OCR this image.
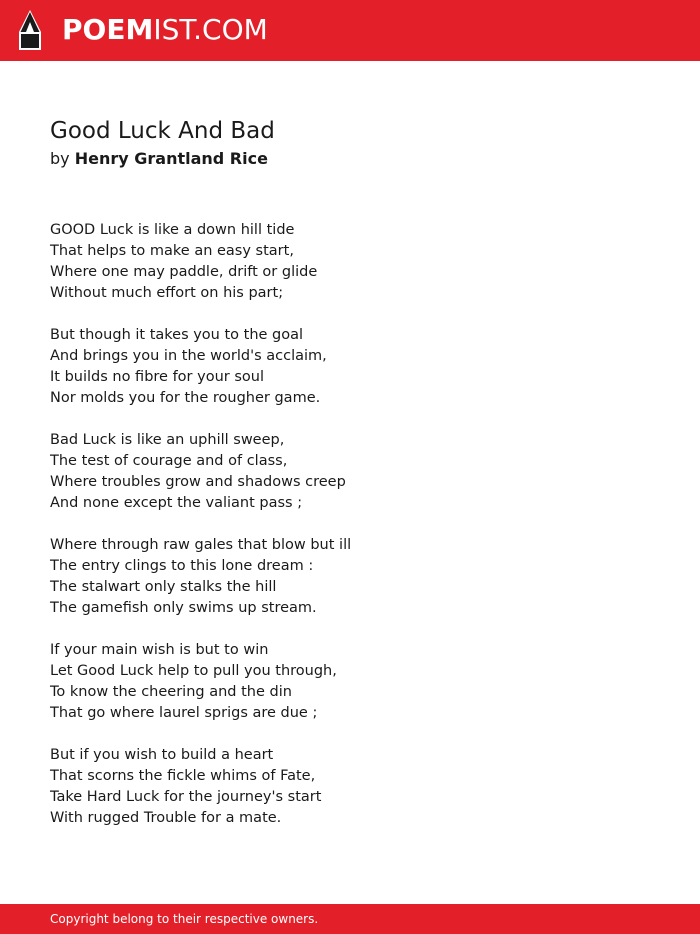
POEMIST.COM
Good Luck And Bad
by Henry Grantland Rice
GOOD Luck is like a down hill tide
That helps to make an easy start,
Where one may paddle, drift or glide
Without much effort on his part;
But though it takes you to the goal
And brings you in the world's acclaim,
It builds no fibre for your soul
Nor molds you for the rougher game.
Bad Luck is like an uphill sweep,
The test of courage and of class,
Where troubles grow and shadows creep
And none except the valiant pass ;
Where through raw gales that blow but ill
The entry clings to this lone dream :
The stalwart only stalks the hill
The gamefish only swims up stream.
If your main wish is but to win
Let Good Luck help to pull you through,
To know the cheering and the din
That go where laurel sprigs are due ;
But if you wish to build a heart
That scorns the fickle whims of Fate,
Take Hard Luck for the journey's start
With rugged Trouble for a mate.
Copyright belong to their respective owners.
